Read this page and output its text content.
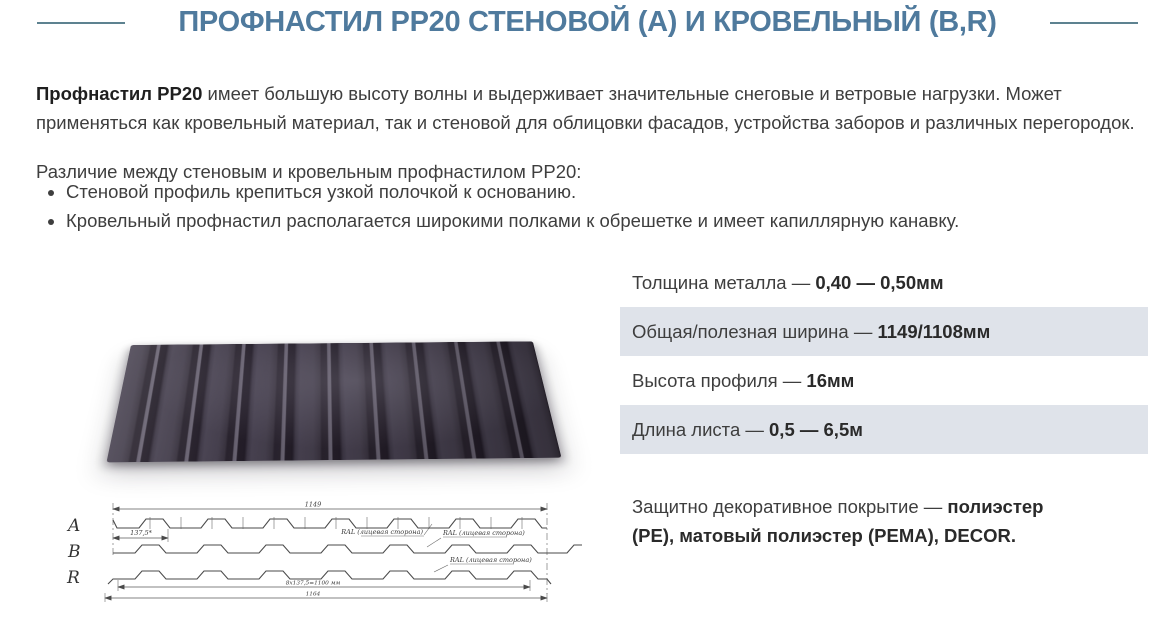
ПРОФНАСТИЛ РР20 СТЕНОВОЙ (А) И КРОВЕЛЬНЫЙ (В,R)

Профнастил РР20 имеет большую высоту волны и выдерживает значительные снеговые и ветровые нагрузки. Может применяться как кровельный материал, так и стеновой для облицовки фасадов, устройства заборов и различных перегородок.

Различие между стеновым и кровельным профнастилом РР20:

• Стеновой профиль крепиться узкой полочкой к основанию.
• Кровельный профнастил располагается широкими полками к обрешетке и имеет капиллярную канавку.
Толщина металла — 0,40 — 0,50мм
Общая/полезная ширина — 1149/1108мм
Высота профиля — 16мм
Длина листа — 0,5 — 6,5м
Защитно декоративное покрытие — полиэстер (PE), матовый полиэстер (PEMA), DECOR.
A
B
R
1149
137,5*	RAL (лицевая сторона)	RAL (лицевая сторона)
RAL (лицевая сторона)
8х137,5=1100 мм
1164
